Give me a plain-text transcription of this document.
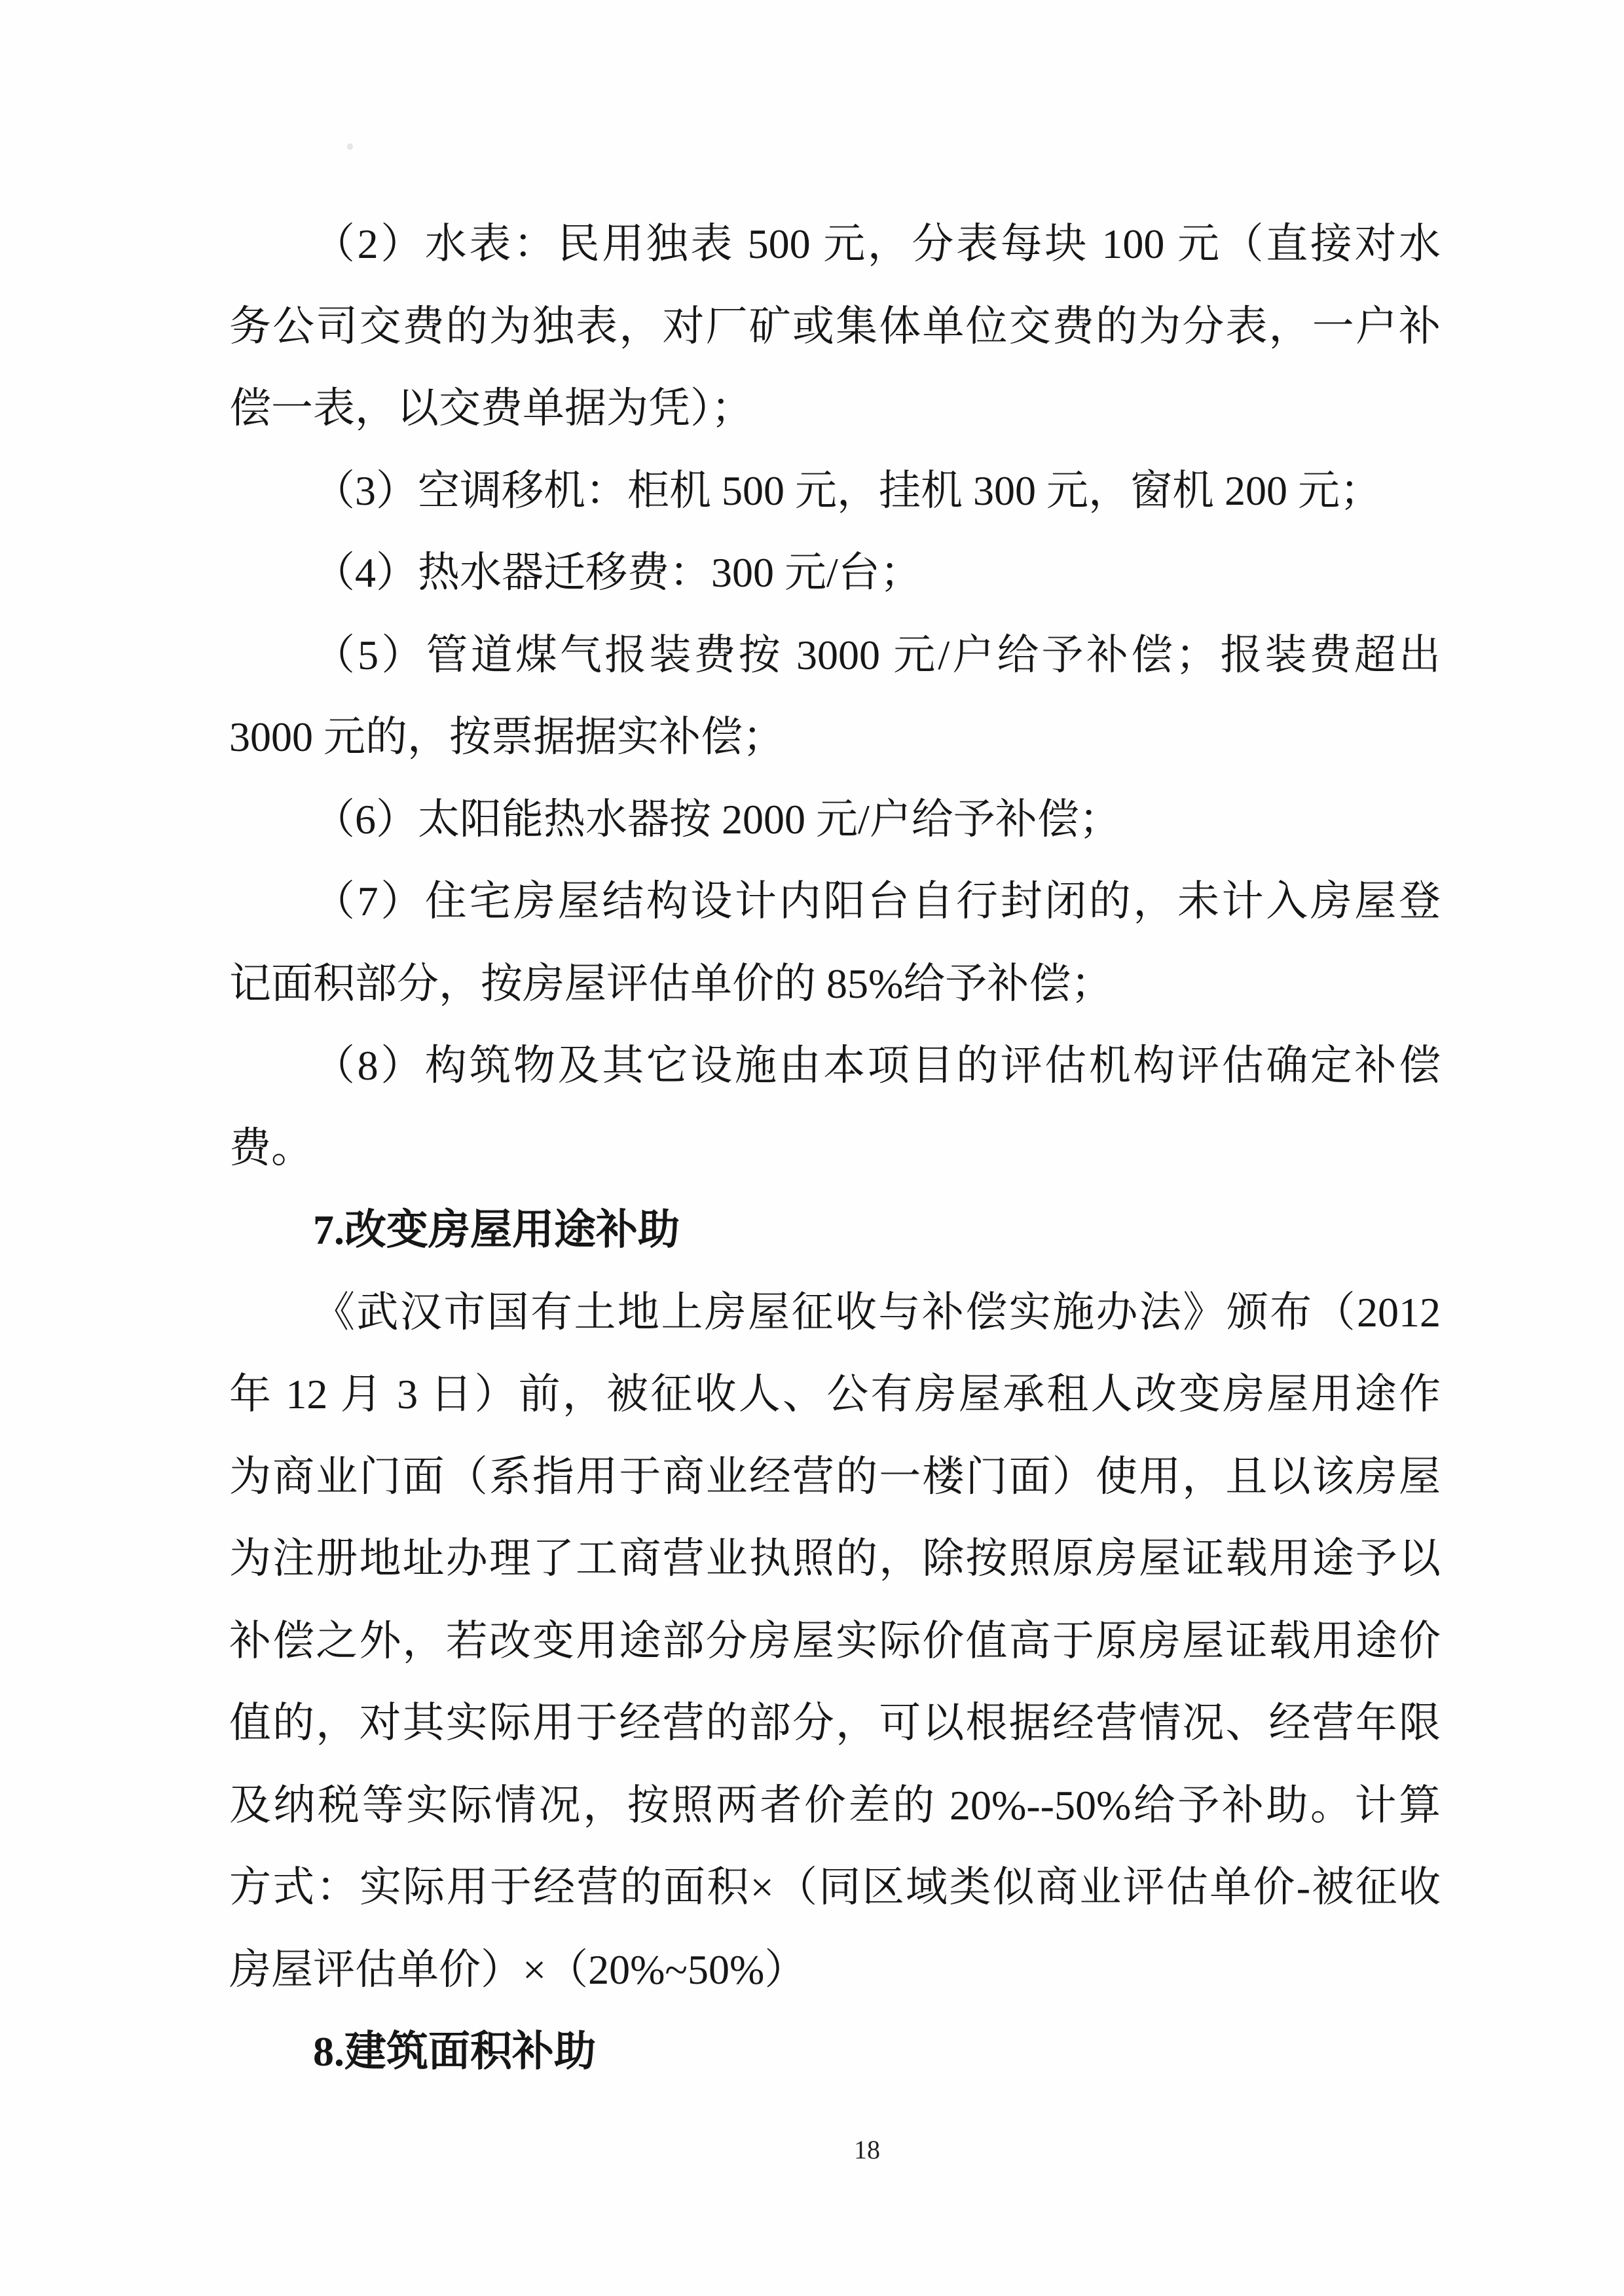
（2）水表：民用独表 500 元，分表每块 100 元（直接对水
务公司交费的为独表，对厂矿或集体单位交费的为分表，一户补
偿一表，以交费单据为凭）；
（3）空调移机：柜机 500 元，挂机 300 元，窗机 200 元；
（4）热水器迁移费：300 元/台；
（5）管道煤气报装费按 3000 元/户给予补偿；报装费超出
3000 元的，按票据据实补偿；
（6）太阳能热水器按 2000 元/户给予补偿；
（7）住宅房屋结构设计内阳台自行封闭的，未计入房屋登
记面积部分，按房屋评估单价的 85%给予补偿；
（8）构筑物及其它设施由本项目的评估机构评估确定补偿
费。
7.改变房屋用途补助
《武汉市国有土地上房屋征收与补偿实施办法》颁布（2012
年 12 月 3 日）前，被征收人、公有房屋承租人改变房屋用途作
为商业门面（系指用于商业经营的一楼门面）使用，且以该房屋
为注册地址办理了工商营业执照的，除按照原房屋证载用途予以
补偿之外，若改变用途部分房屋实际价值高于原房屋证载用途价
值的，对其实际用于经营的部分，可以根据经营情况、经营年限
及纳税等实际情况，按照两者价差的 20%--50%给予补助。计算
方式：实际用于经营的面积×（同区域类似商业评估单价-被征收
房屋评估单价）×（20%~50%）
8.建筑面积补助
18
